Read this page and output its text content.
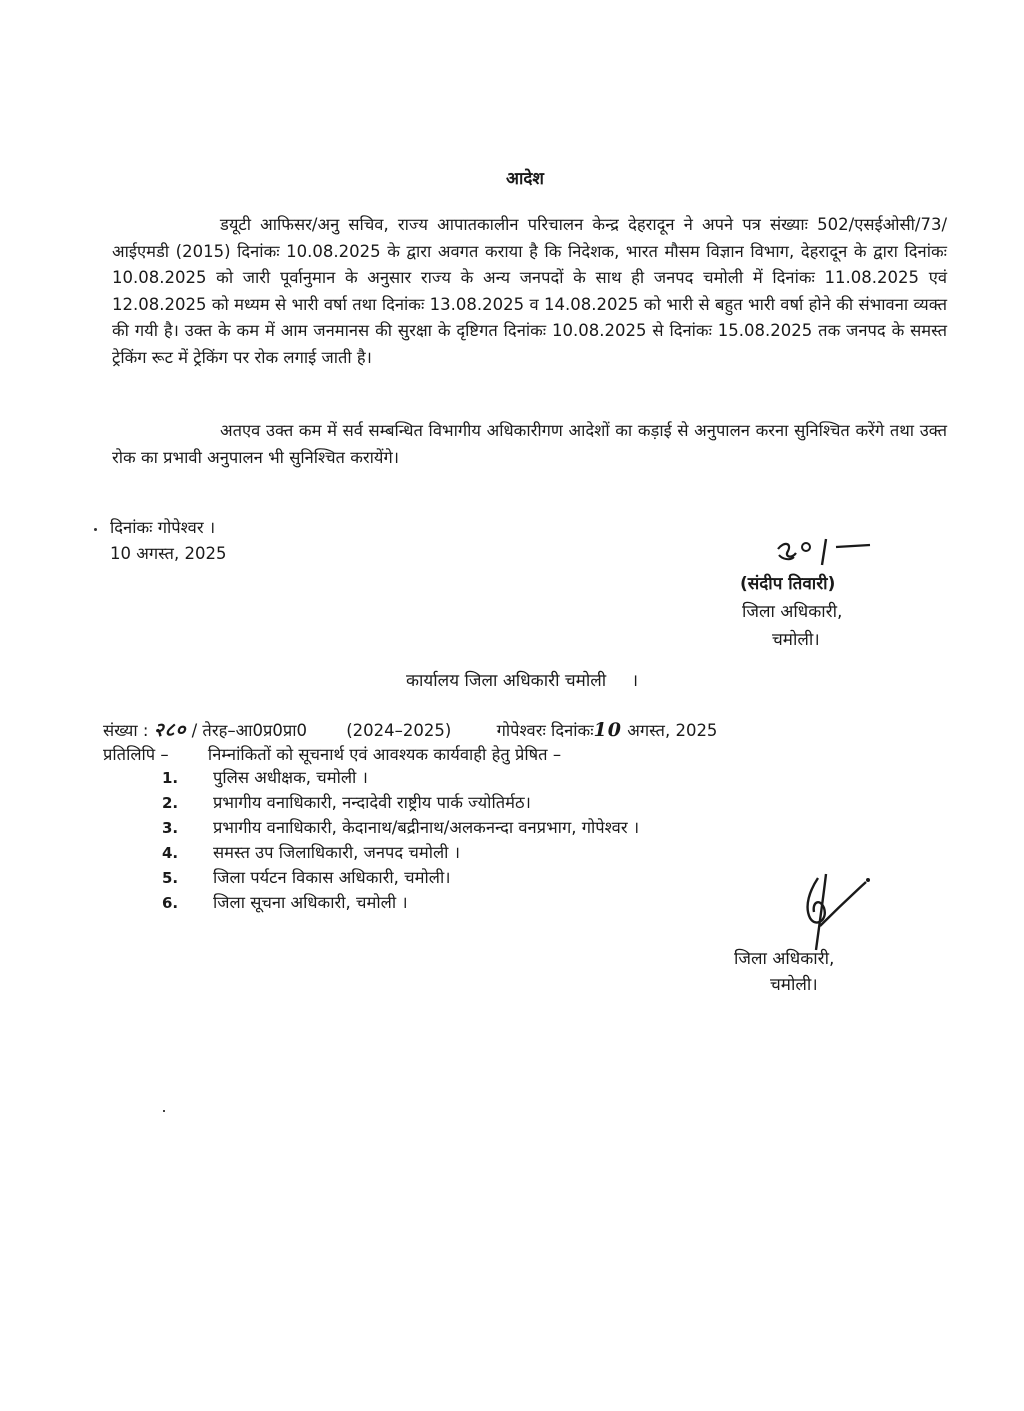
आदेश
डयूटी आफिसर/अनु सचिव, राज्य आपातकालीन परिचालन केन्द्र देहरादून ने अपने पत्र संख्याः 502/एसईओसी/73/आईएमडी (2015) दिनांकः 10.08.2025 के द्वारा अवगत कराया है कि निदेशक, भारत मौसम विज्ञान विभाग, देहरादून के द्वारा दिनांकः 10.08.2025 को जारी पूर्वानुमान के अनुसार राज्य के अन्य जनपदों के साथ ही जनपद चमोली में दिनांकः 11.08.2025 एवं 12.08.2025 को मध्यम से भारी वर्षा तथा दिनांकः 13.08.2025 व 14.08.2025 को भारी से बहुत भारी वर्षा होने की संभावना व्यक्त की गयी है। उक्त के कम में आम जनमानस की सुरक्षा के दृष्टिगत दिनांकः 10.08.2025 से दिनांकः 15.08.2025 तक जनपद के समस्त ट्रेकिंग रूट में ट्रेकिंग पर रोक लगाई जाती है।
अतएव उक्त कम में सर्व सम्बन्धित विभागीय अधिकारीगण आदेशों का कड़ाई से अनुपालन करना सुनिश्चित करेंगे तथा उक्त रोक का प्रभावी अनुपालन भी सुनिश्चित करायेंगे।
दिनांकः गोपेश्वर ।
10 अगस्त, 2025
(संदीप तिवारी)
जिला अधिकारी,
चमोली।
कार्यालय जिला अधिकारी चमोली ।
संख्या : २८० / तेरह–आ0प्र0प्रा0 (2024–2025)	गोपेश्वरः दिनांकः10 अगस्त, 2025
प्रतिलिपि – निम्नांकितों को सूचनार्थ एवं आवश्यक कार्यवाही हेतु प्रेषित –
1. पुलिस अधीक्षक, चमोली ।
2. प्रभागीय वनाधिकारी, नन्दादेवी राष्ट्रीय पार्क ज्योतिर्मठ।
3. प्रभागीय वनाधिकारी, केदानाथ/बद्रीनाथ/अलकनन्दा वनप्रभाग, गोपेश्वर ।
4. समस्त उप जिलाधिकारी, जनपद चमोली ।
5. जिला पर्यटन विकास अधिकारी, चमोली।
6. जिला सूचना अधिकारी, चमोली ।
जिला अधिकारी,
चमोली।
